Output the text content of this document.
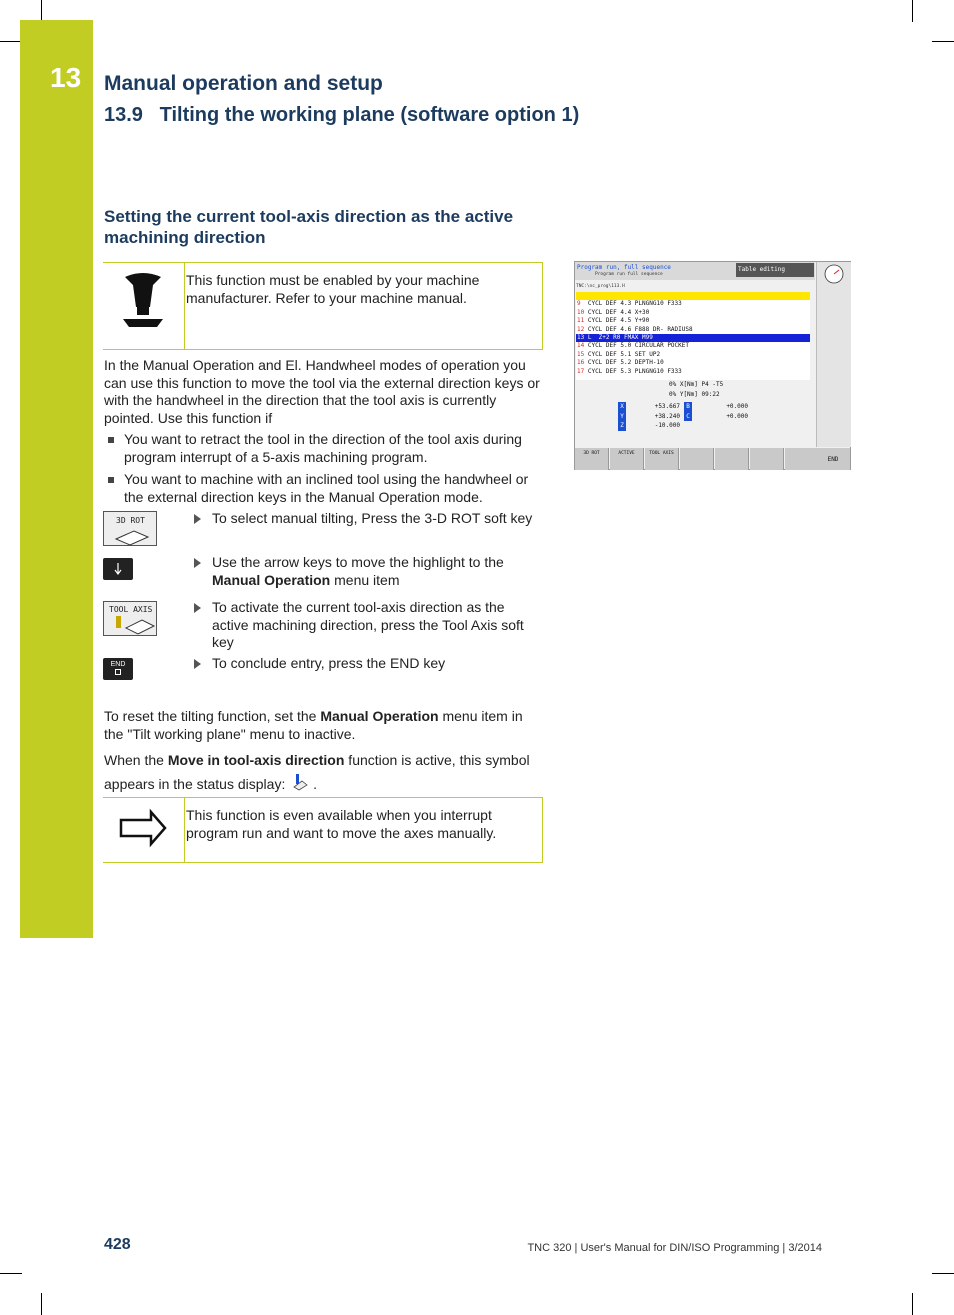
13 Manual operation and setup
13.9   Tilting the working plane (software option 1)
Setting the current tool-axis direction as the active machining direction
This function must be enabled by your machine manufacturer. Refer to your machine manual.
In the Manual Operation and El. Handwheel modes of operation you can use this function to move the tool via the external direction keys or with the handwheel in the direction that the tool axis is currently pointed. Use this function if
You want to retract the tool in the direction of the tool axis during program interrupt of a 5-axis machining program.
You want to machine with an inclined tool using the handwheel or the external direction keys in the Manual Operation mode.
3D ROT	To select manual tilting, Press the 3-D ROT soft key
Use the arrow keys to move the highlight to the Manual Operation menu item
TOOL AXIS	To activate the current tool-axis direction as the active machining direction, press the Tool Axis soft key
END	To conclude entry, press the END key
To reset the tilting function, set the Manual Operation menu item in the "Tilt working plane" menu to inactive.
When the Move in tool-axis direction function is active, this symbol appears in the status display:  .
This function is even available when you interrupt program run and want to move the axes manually.
Program run, full sequence
Program run full sequence
Table editing
TNC:\nc_prog\113.H
9  CYCL DEF 4.3 PLNGNG10 F333
10 CYCL DEF 4.4 X+30
11 CYCL DEF 4.5 Y+90
12 CYCL DEF 4.6 F888 DR- RADIUS8
13 L  Z+2 R0 FMAX M99
14 CYCL DEF 5.0 CIRCULAR POCKET
15 CYCL DEF 5.1 SET UP2
16 CYCL DEF 5.2 DEPTH-10
17 CYCL DEF 5.3 PLNGNG10 F333
0% X[Nm] P4 -T5
0% Y[Nm] 09:22
X	+53.667	B	+0.000
Y	+38.240	C	+0.000
Z	-10.000
3D ROT	ACTIVE	TOOL AXIS
END
428	TNC 320 | User's Manual for DIN/ISO Programming | 3/2014
